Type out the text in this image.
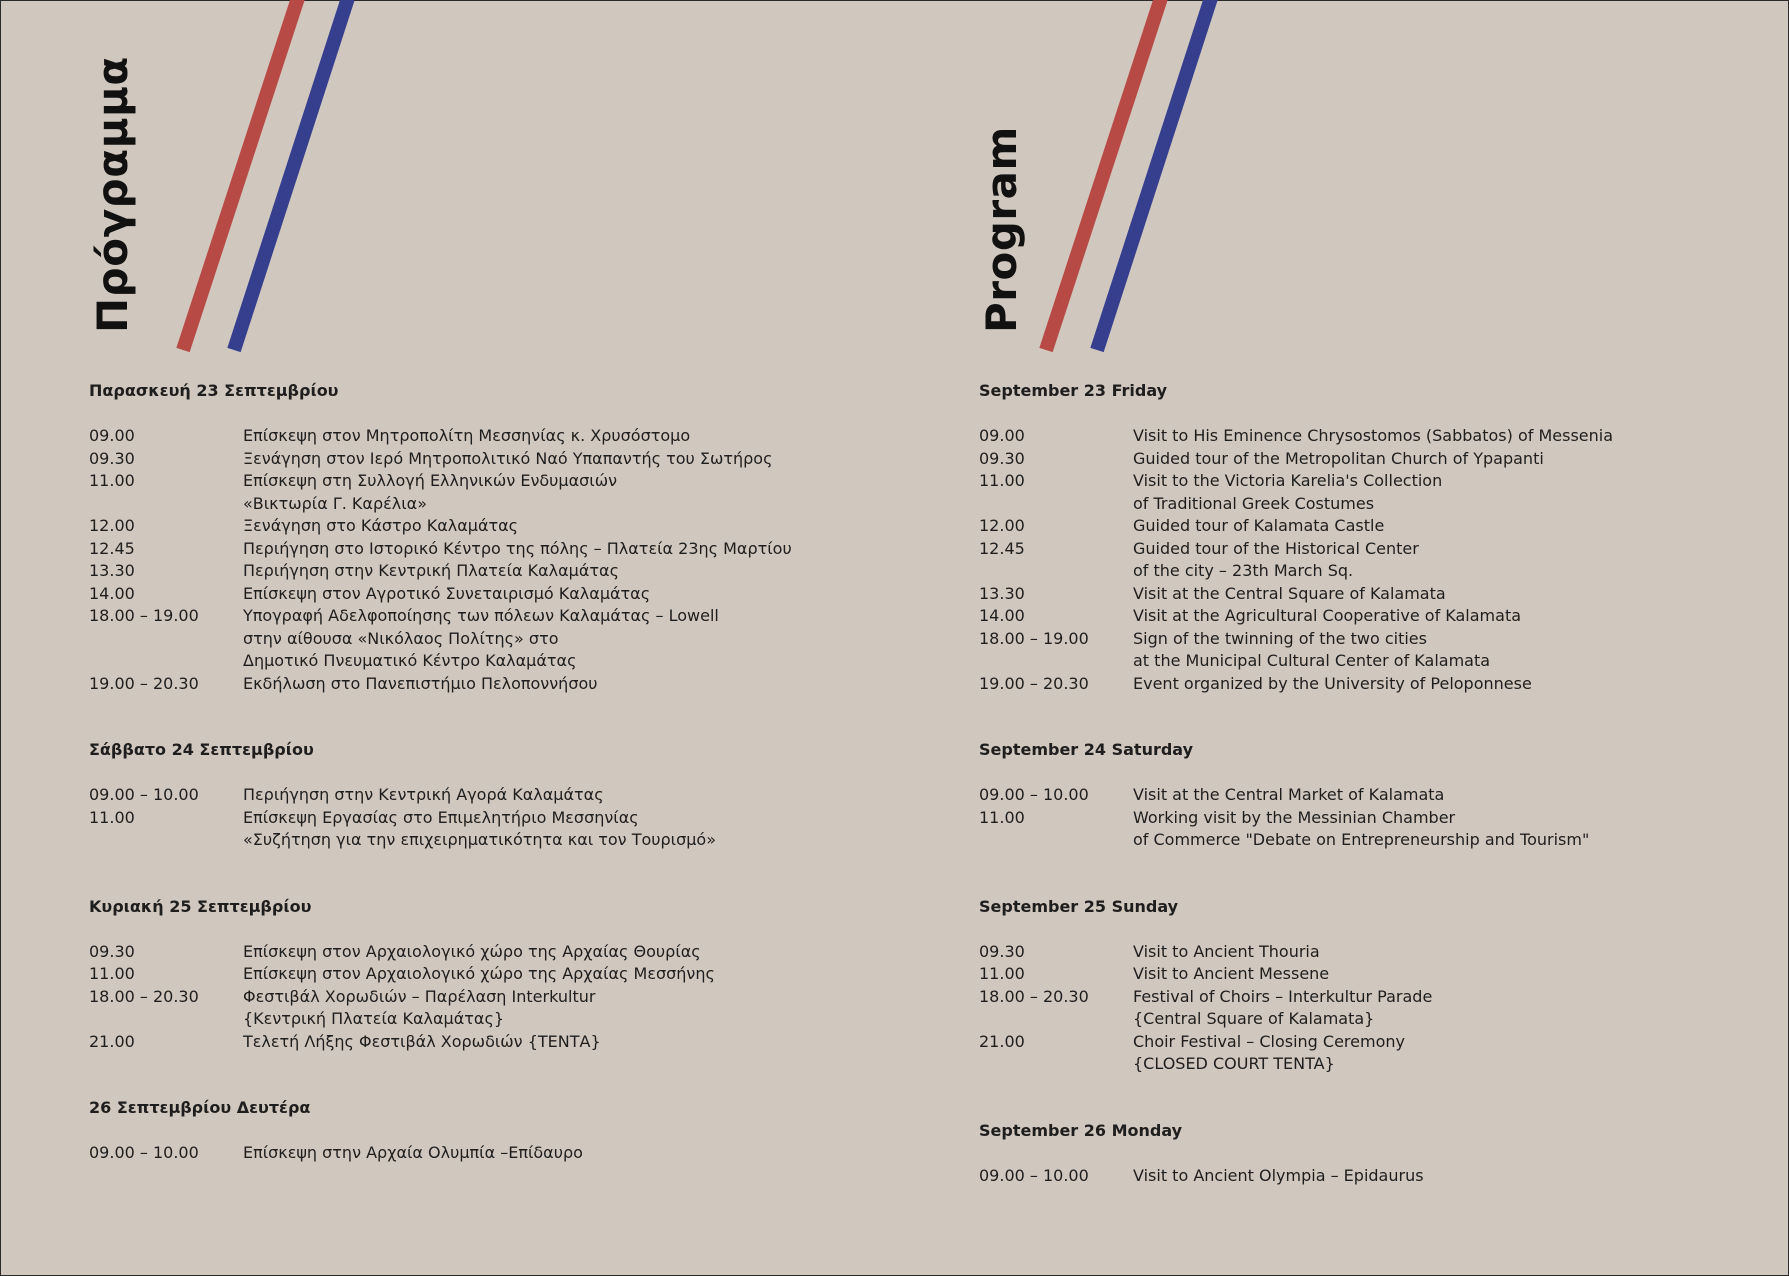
Πρόγραμμα	Program
Παρασκευή 23 Σεπτεμβρίου
09.00	Επίσκεψη στον Μητροπολίτη Μεσσηνίας κ. Χρυσόστομο
09.30	Ξενάγηση στον Ιερό Μητροπολιτικό Ναό Υπαπαντής του Σωτήρος
11.00	Επίσκεψη στη Συλλογή Ελληνικών Ενδυμασιών
«Βικτωρία Γ. Καρέλια»
12.00	Ξενάγηση στο Κάστρο Καλαμάτας
12.45	Περιήγηση στο Ιστορικό Κέντρο της πόλης – Πλατεία 23ης Μαρτίου
13.30	Περιήγηση στην Κεντρική Πλατεία Καλαμάτας
14.00	Επίσκεψη στον Αγροτικό Συνεταιρισμό Καλαμάτας
18.00 – 19.00	Υπογραφή Αδελφοποίησης των πόλεων Καλαμάτας – Lowell
στην αίθουσα «Νικόλαος Πολίτης» στο
Δημοτικό Πνευματικό Κέντρο Καλαμάτας
19.00 – 20.30	Εκδήλωση στο Πανεπιστήμιο Πελοποννήσου
Σάββατο 24 Σεπτεμβρίου
09.00 – 10.00	Περιήγηση στην Κεντρική Αγορά Καλαμάτας
11.00	Επίσκεψη Εργασίας στο Επιμελητήριο Μεσσηνίας
«Συζήτηση για την επιχειρηματικότητα και τον Τουρισμό»
Κυριακή 25 Σεπτεμβρίου
09.30	Επίσκεψη στον Αρχαιολογικό χώρο της Αρχαίας Θουρίας
11.00	Επίσκεψη στον Αρχαιολογικό χώρο της Αρχαίας Μεσσήνης
18.00 – 20.30	Φεστιβάλ Χορωδιών – Παρέλαση Interkultur
{Κεντρική Πλατεία Καλαμάτας}
21.00	Τελετή Λήξης Φεστιβάλ Χορωδιών {ΤΕΝΤΑ}
26 Σεπτεμβρίου Δευτέρα
09.00 – 10.00	Επίσκεψη στην Αρχαία Ολυμπία –Επίδαυρο
September 23 Friday
09.00	Visit to His Eminence Chrysostomos (Sabbatos) of Messenia
09.30	Guided tour of the Metropolitan Church of Ypapanti
11.00	Visit to the Victoria Karelia's Collection
of Traditional Greek Costumes
12.00	Guided tour of Kalamata Castle
12.45	Guided tour of the Historical Center
of the city – 23th March Sq.
13.30	Visit at the Central Square of Kalamata
14.00	Visit at the Agricultural Cooperative of Kalamata
18.00 – 19.00	Sign of the twinning of the two cities
at the Municipal Cultural Center of Kalamata
19.00 – 20.30	Event organized by the University of Peloponnese
September 24 Saturday
09.00 – 10.00	Visit at the Central Market of Kalamata
11.00	Working visit by the Messinian Chamber
of Commerce "Debate on Entrepreneurship and Tourism"
September 25 Sunday
09.30	Visit to Ancient Thouria
11.00	Visit to Ancient Messene
18.00 – 20.30	Festival of Choirs – Interkultur Parade
{Central Square of Kalamata}
21.00	Choir Festival – Closing Ceremony
{CLOSED COURT TENTA}
September 26 Monday
09.00 – 10.00	Visit to Ancient Olympia – Epidaurus
